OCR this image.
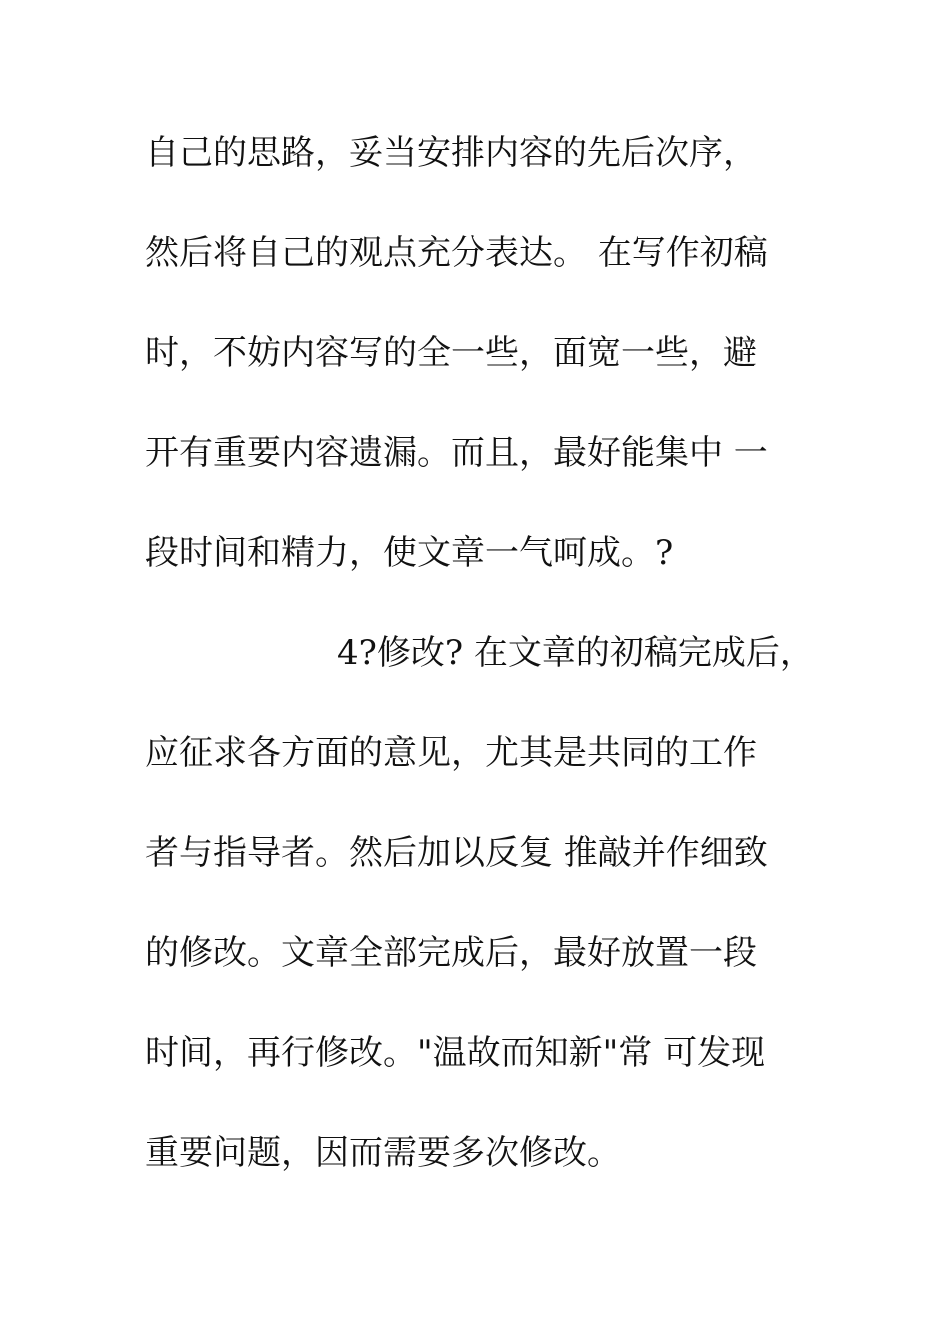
自己的思路，妥当安排内容的先后次序，
然后将自己的观点充分表达。 在写作初稿
时，不妨内容写的全一些，面宽一些，避
开有重要内容遗漏。而且，最好能集中 一
段时间和精力，使文章一气呵成。?
4?修改? 在文章的初稿完成后，
应征求各方面的意见，尤其是共同的工作
者与指导者。然后加以反复 推敲并作细致
的修改。文章全部完成后，最好放置一段
时间，再行修改。"温故而知新"常 可发现
重要问题，因而需要多次修改。
